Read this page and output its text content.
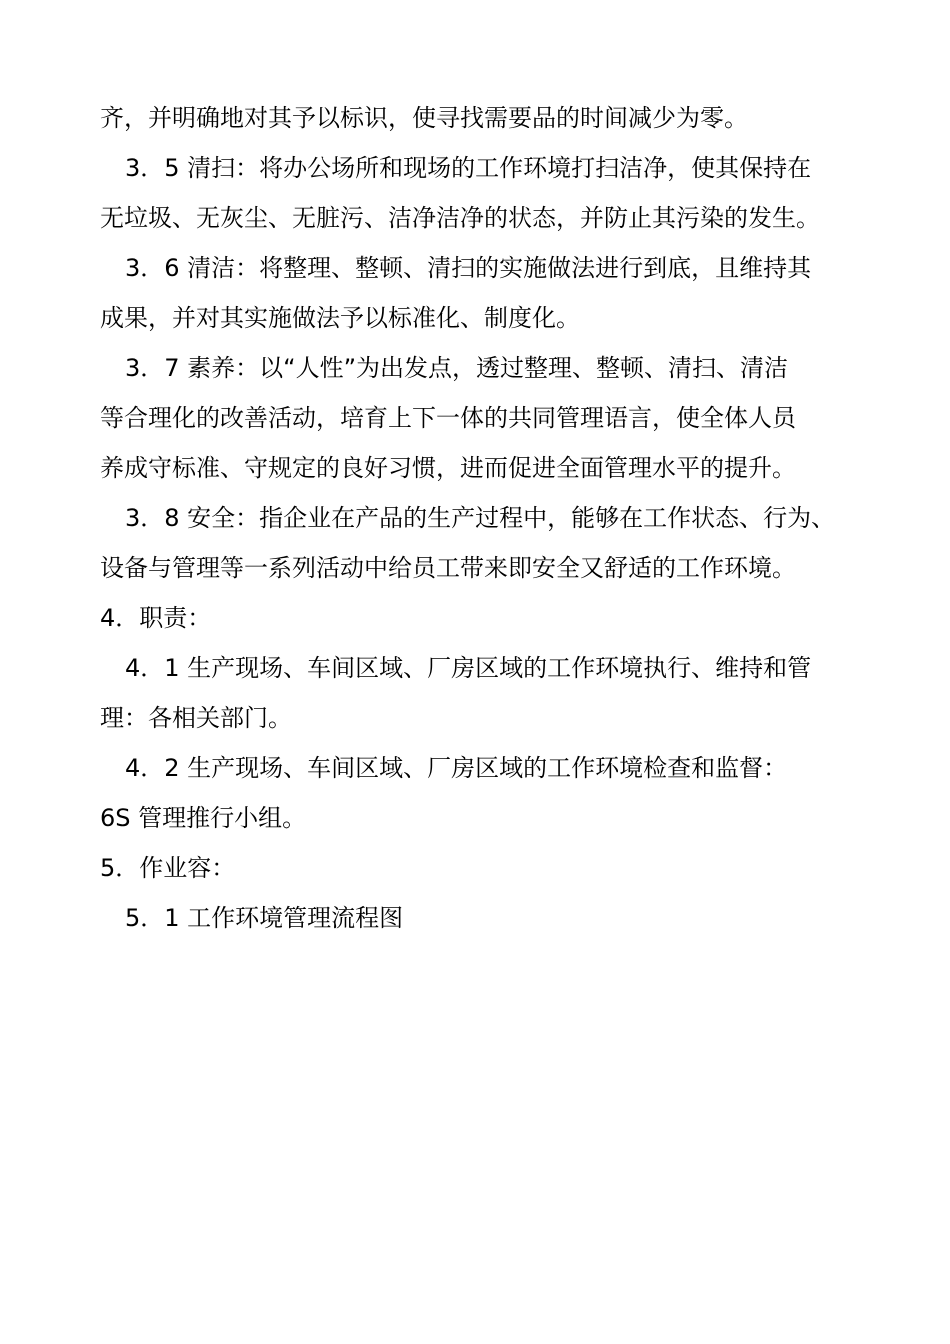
齐，并明确地对其予以标识，使寻找需要品的时间减少为零。
3．5 清扫：将办公场所和现场的工作环境打扫洁净，使其保持在
无垃圾、无灰尘、无脏污、洁净洁净的状态，并防止其污染的发生。
3．6 清洁：将整理、整顿、清扫的实施做法进行到底，且维持其
成果，并对其实施做法予以标准化、制度化。
3．7 素养：以“人性”为出发点，透过整理、整顿、清扫、清洁
等合理化的改善活动，培育上下一体的共同管理语言，使全体人员
养成守标准、守规定的良好习惯，进而促进全面管理水平的提升。
3．8 安全：指企业在产品的生产过程中，能够在工作状态、行为、
设备与管理等一系列活动中给员工带来即安全又舒适的工作环境。
4．职责：
4．1 生产现场、车间区域、厂房区域的工作环境执行、维持和管
理：各相关部门。
4．2 生产现场、车间区域、厂房区域的工作环境检查和监督：
6S 管理推行小组。
5．作业容：
5．1 工作环境管理流程图
